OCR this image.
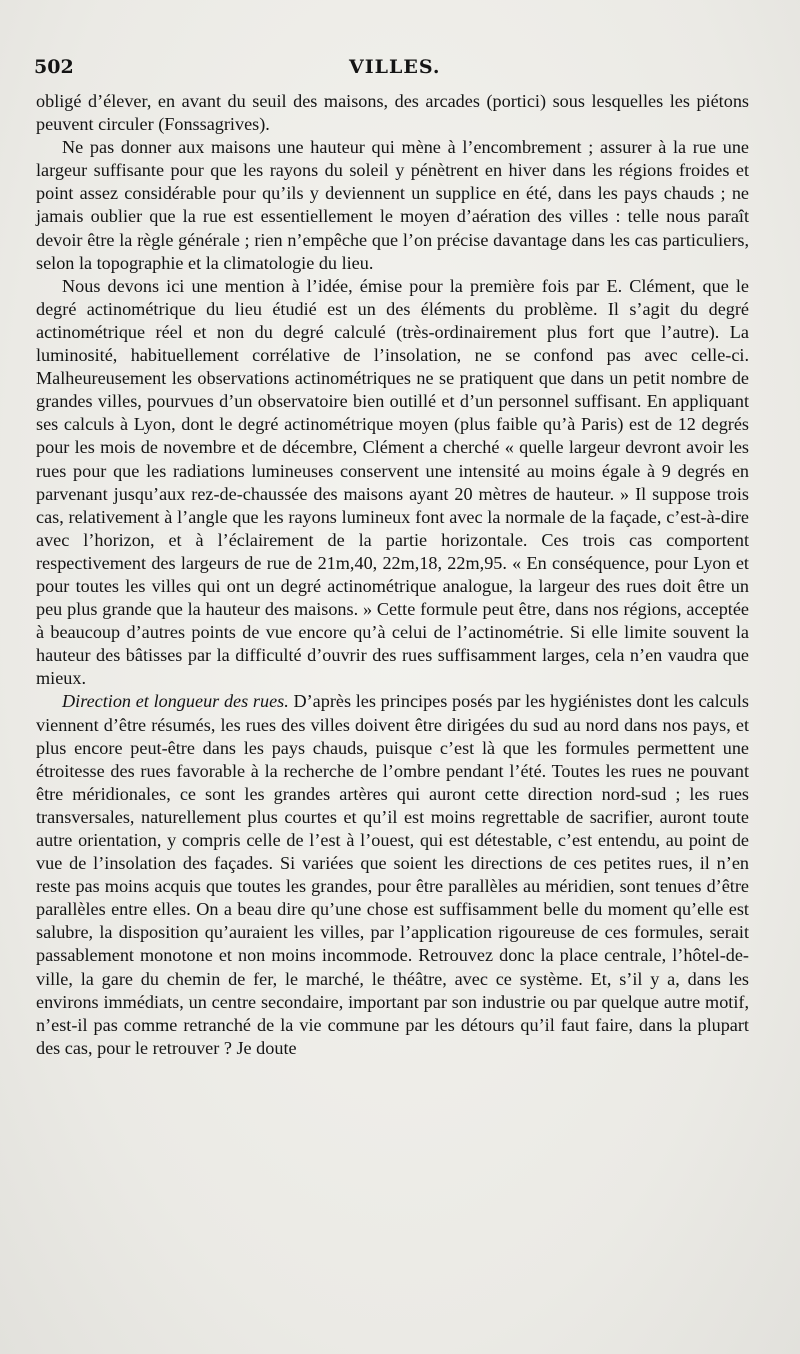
502	VILLES.

obligé d’élever, en avant du seuil des maisons, des arcades (portici) sous lesquelles les piétons peuvent circuler (Fonssagrives).

Ne pas donner aux maisons une hauteur qui mène à l’encombrement ; assurer à la rue une largeur suffisante pour que les rayons du soleil y pénètrent en hiver dans les régions froides et point assez considérable pour qu’ils y deviennent un supplice en été, dans les pays chauds ; ne jamais oublier que la rue est essentiellement le moyen d’aération des villes : telle nous paraît devoir être la règle générale ; rien n’empêche que l’on précise davantage dans les cas particuliers, selon la topographie et la climatologie du lieu.

Nous devons ici une mention à l’idée, émise pour la première fois par E. Clément, que le degré actinométrique du lieu étudié est un des éléments du problème. Il s’agit du degré actinométrique réel et non du degré calculé (très-ordinairement plus fort que l’autre). La luminosité, habituellement corrélative de l’insolation, ne se confond pas avec celle-ci. Malheureusement les observations actinométriques ne se pratiquent que dans un petit nombre de grandes villes, pourvues d’un observatoire bien outillé et d’un personnel suffisant. En appliquant ses calculs à Lyon, dont le degré actinométrique moyen (plus faible qu’à Paris) est de 12 degrés pour les mois de novembre et de décembre, Clément a cherché « quelle largeur devront avoir les rues pour que les radiations lumineuses conservent une intensité au moins égale à 9 degrés en parvenant jusqu’aux rez-de-chaussée des maisons ayant 20 mètres de hauteur. » Il suppose trois cas, relativement à l’angle que les rayons lumineux font avec la normale de la façade, c’est-à-dire avec l’horizon, et à l’éclairement de la partie horizontale. Ces trois cas comportent respectivement des largeurs de rue de 21m,40, 22m,18, 22m,95. « En conséquence, pour Lyon et pour toutes les villes qui ont un degré actinométrique analogue, la largeur des rues doit être un peu plus grande que la hauteur des maisons. » Cette formule peut être, dans nos régions, acceptée à beaucoup d’autres points de vue encore qu’à celui de l’actinométrie. Si elle limite souvent la hauteur des bâtisses par la difficulté d’ouvrir des rues suffisamment larges, cela n’en vaudra que mieux.

Direction et longueur des rues. D’après les principes posés par les hygiénistes dont les calculs viennent d’être résumés, les rues des villes doivent être dirigées du sud au nord dans nos pays, et plus encore peut-être dans les pays chauds, puisque c’est là que les formules permettent une étroitesse des rues favorable à la recherche de l’ombre pendant l’été. Toutes les rues ne pouvant être méridionales, ce sont les grandes artères qui auront cette direction nord-sud ; les rues transversales, naturellement plus courtes et qu’il est moins regrettable de sacrifier, auront toute autre orientation, y compris celle de l’est à l’ouest, qui est détestable, c’est entendu, au point de vue de l’insolation des façades. Si variées que soient les directions de ces petites rues, il n’en reste pas moins acquis que toutes les grandes, pour être parallèles au méridien, sont tenues d’être parallèles entre elles. On a beau dire qu’une chose est suffisamment belle du moment qu’elle est salubre, la disposition qu’auraient les villes, par l’application rigoureuse de ces formules, serait passablement monotone et non moins incommode. Retrouvez donc la place centrale, l’hôtel-de-ville, la gare du chemin de fer, le marché, le théâtre, avec ce système. Et, s’il y a, dans les environs immédiats, un centre secondaire, important par son industrie ou par quelque autre motif, n’est-il pas comme retranché de la vie commune par les détours qu’il faut faire, dans la plupart des cas, pour le retrouver ? Je doute
